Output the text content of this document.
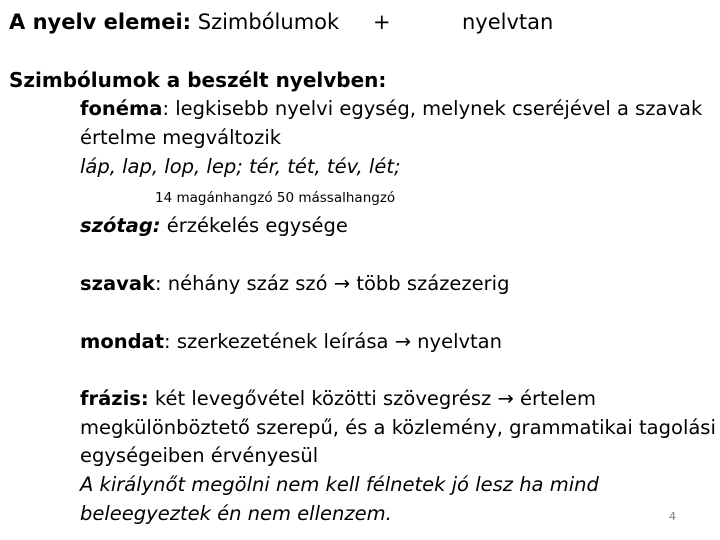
A nyelv elemei: Szimbólumok +	nyelvtan
Szimbólumok a beszélt nyelvben:
fonéma: legkisebb nyelvi egység, melynek cseréjével a szavak
értelme megváltozik
láp, lap, lop, lep; tér, tét, tév, lét;
14 magánhangzó 50 mássalhangzó
szótag: érzékelés egysége
szavak: néhány száz szó → több százezerig
mondat: szerkezetének leírása → nyelvtan
frázis: két levegővétel közötti szövegrész → értelem
megkülönböztető szerepű, és a közlemény, grammatikai tagolási
egységeiben érvényesül
A királynőt megölni nem kell félnetek jó lesz ha mind
beleegyeztek én nem ellenzem.	4
